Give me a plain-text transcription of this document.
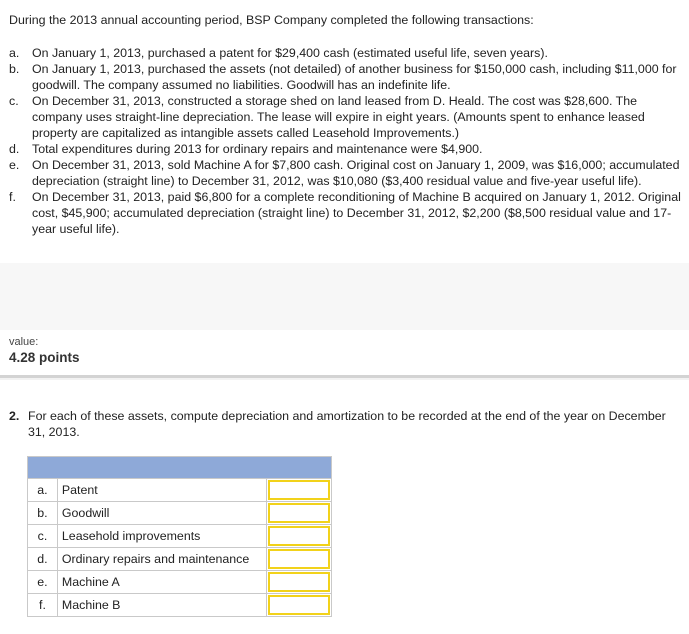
During the 2013 annual accounting period, BSP Company completed the following transactions:
a.	On January 1, 2013, purchased a patent for $29,400 cash (estimated useful life, seven years).
b.	On January 1, 2013, purchased the assets (not detailed) of another business for $150,000 cash, including $11,000 for goodwill. The company assumed no liabilities. Goodwill has an indefinite life.
c.	On December 31, 2013, constructed a storage shed on land leased from D. Heald. The cost was $28,600. The company uses straight-line depreciation. The lease will expire in eight years. (Amounts spent to enhance leased property are capitalized as intangible assets called Leasehold Improvements.)
d.	Total expenditures during 2013 for ordinary repairs and maintenance were $4,900.
e.	On December 31, 2013, sold Machine A for $7,800 cash. Original cost on January 1, 2009, was $16,000; accumulated depreciation (straight line) to December 31, 2012, was $10,080 ($3,400 residual value and five-year useful life).
f.	On December 31, 2013, paid $6,800 for a complete reconditioning of Machine B acquired on January 1, 2012. Original cost, $45,900; accumulated depreciation (straight line) to December 31, 2012, $2,200 ($8,500 residual value and 17-year useful life).
value:
4.28 points
2. For each of these assets, compute depreciation and amortization to be recorded at the end of the year on December 31, 2013.

a.	Patent	

b.	Goodwill	

c.	Leasehold improvements	

d.	Ordinary repairs and maintenance	

e.	Machine A	

f.	Machine B	
